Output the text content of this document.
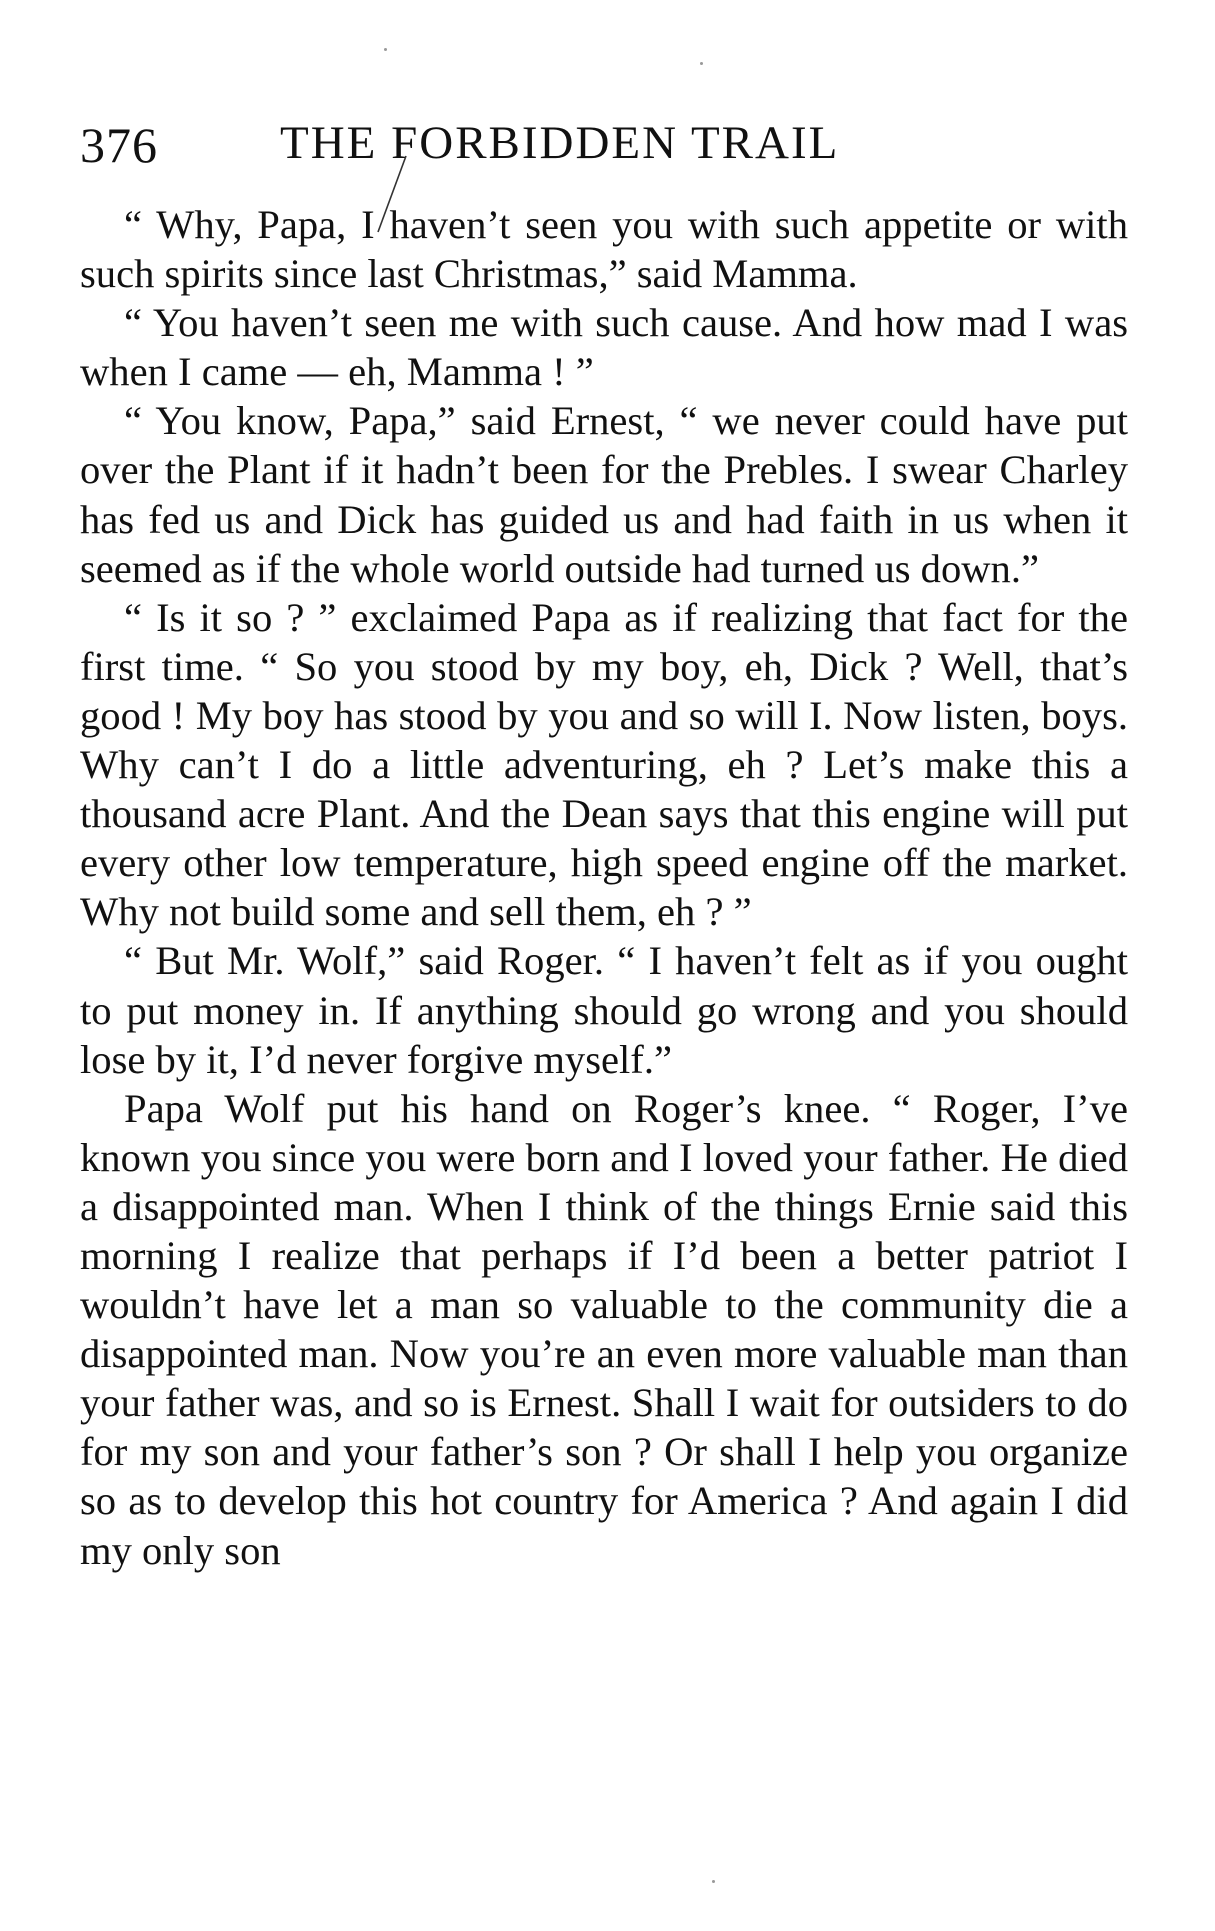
376	THE FORBIDDEN TRAIL

“ Why, Papa, I haven’t seen you with such appetite or with such spirits since last Christmas,” said Mamma.

“ You haven’t seen me with such cause. And how mad I was when I came — eh, Mamma ! ”

“ You know, Papa,” said Ernest, “ we never could have put over the Plant if it hadn’t been for the Prebles. I swear Charley has fed us and Dick has guided us and had faith in us when it seemed as if the whole world outside had turned us down.”

“ Is it so ? ” exclaimed Papa as if realizing that fact for the first time. “ So you stood by my boy, eh, Dick ? Well, that’s good ! My boy has stood by you and so will I. Now listen, boys. Why can’t I do a little adventuring, eh ? Let’s make this a thousand acre Plant. And the Dean says that this engine will put every other low temperature, high speed engine off the market. Why not build some and sell them, eh ? ”

“ But Mr. Wolf,” said Roger. “ I haven’t felt as if you ought to put money in. If anything should go wrong and you should lose by it, I’d never forgive myself.”

Papa Wolf put his hand on Roger’s knee. “ Roger, I’ve known you since you were born and I loved your father. He died a disappointed man. When I think of the things Ernie said this morning I realize that perhaps if I’d been a better patriot I wouldn’t have let a man so valuable to the community die a disappointed man. Now you’re an even more valuable man than your father was, and so is Ernest. Shall I wait for outsiders to do for my son and your father’s son ? Or shall I help you organize so as to develop this hot country for America ? And again I did my only son
